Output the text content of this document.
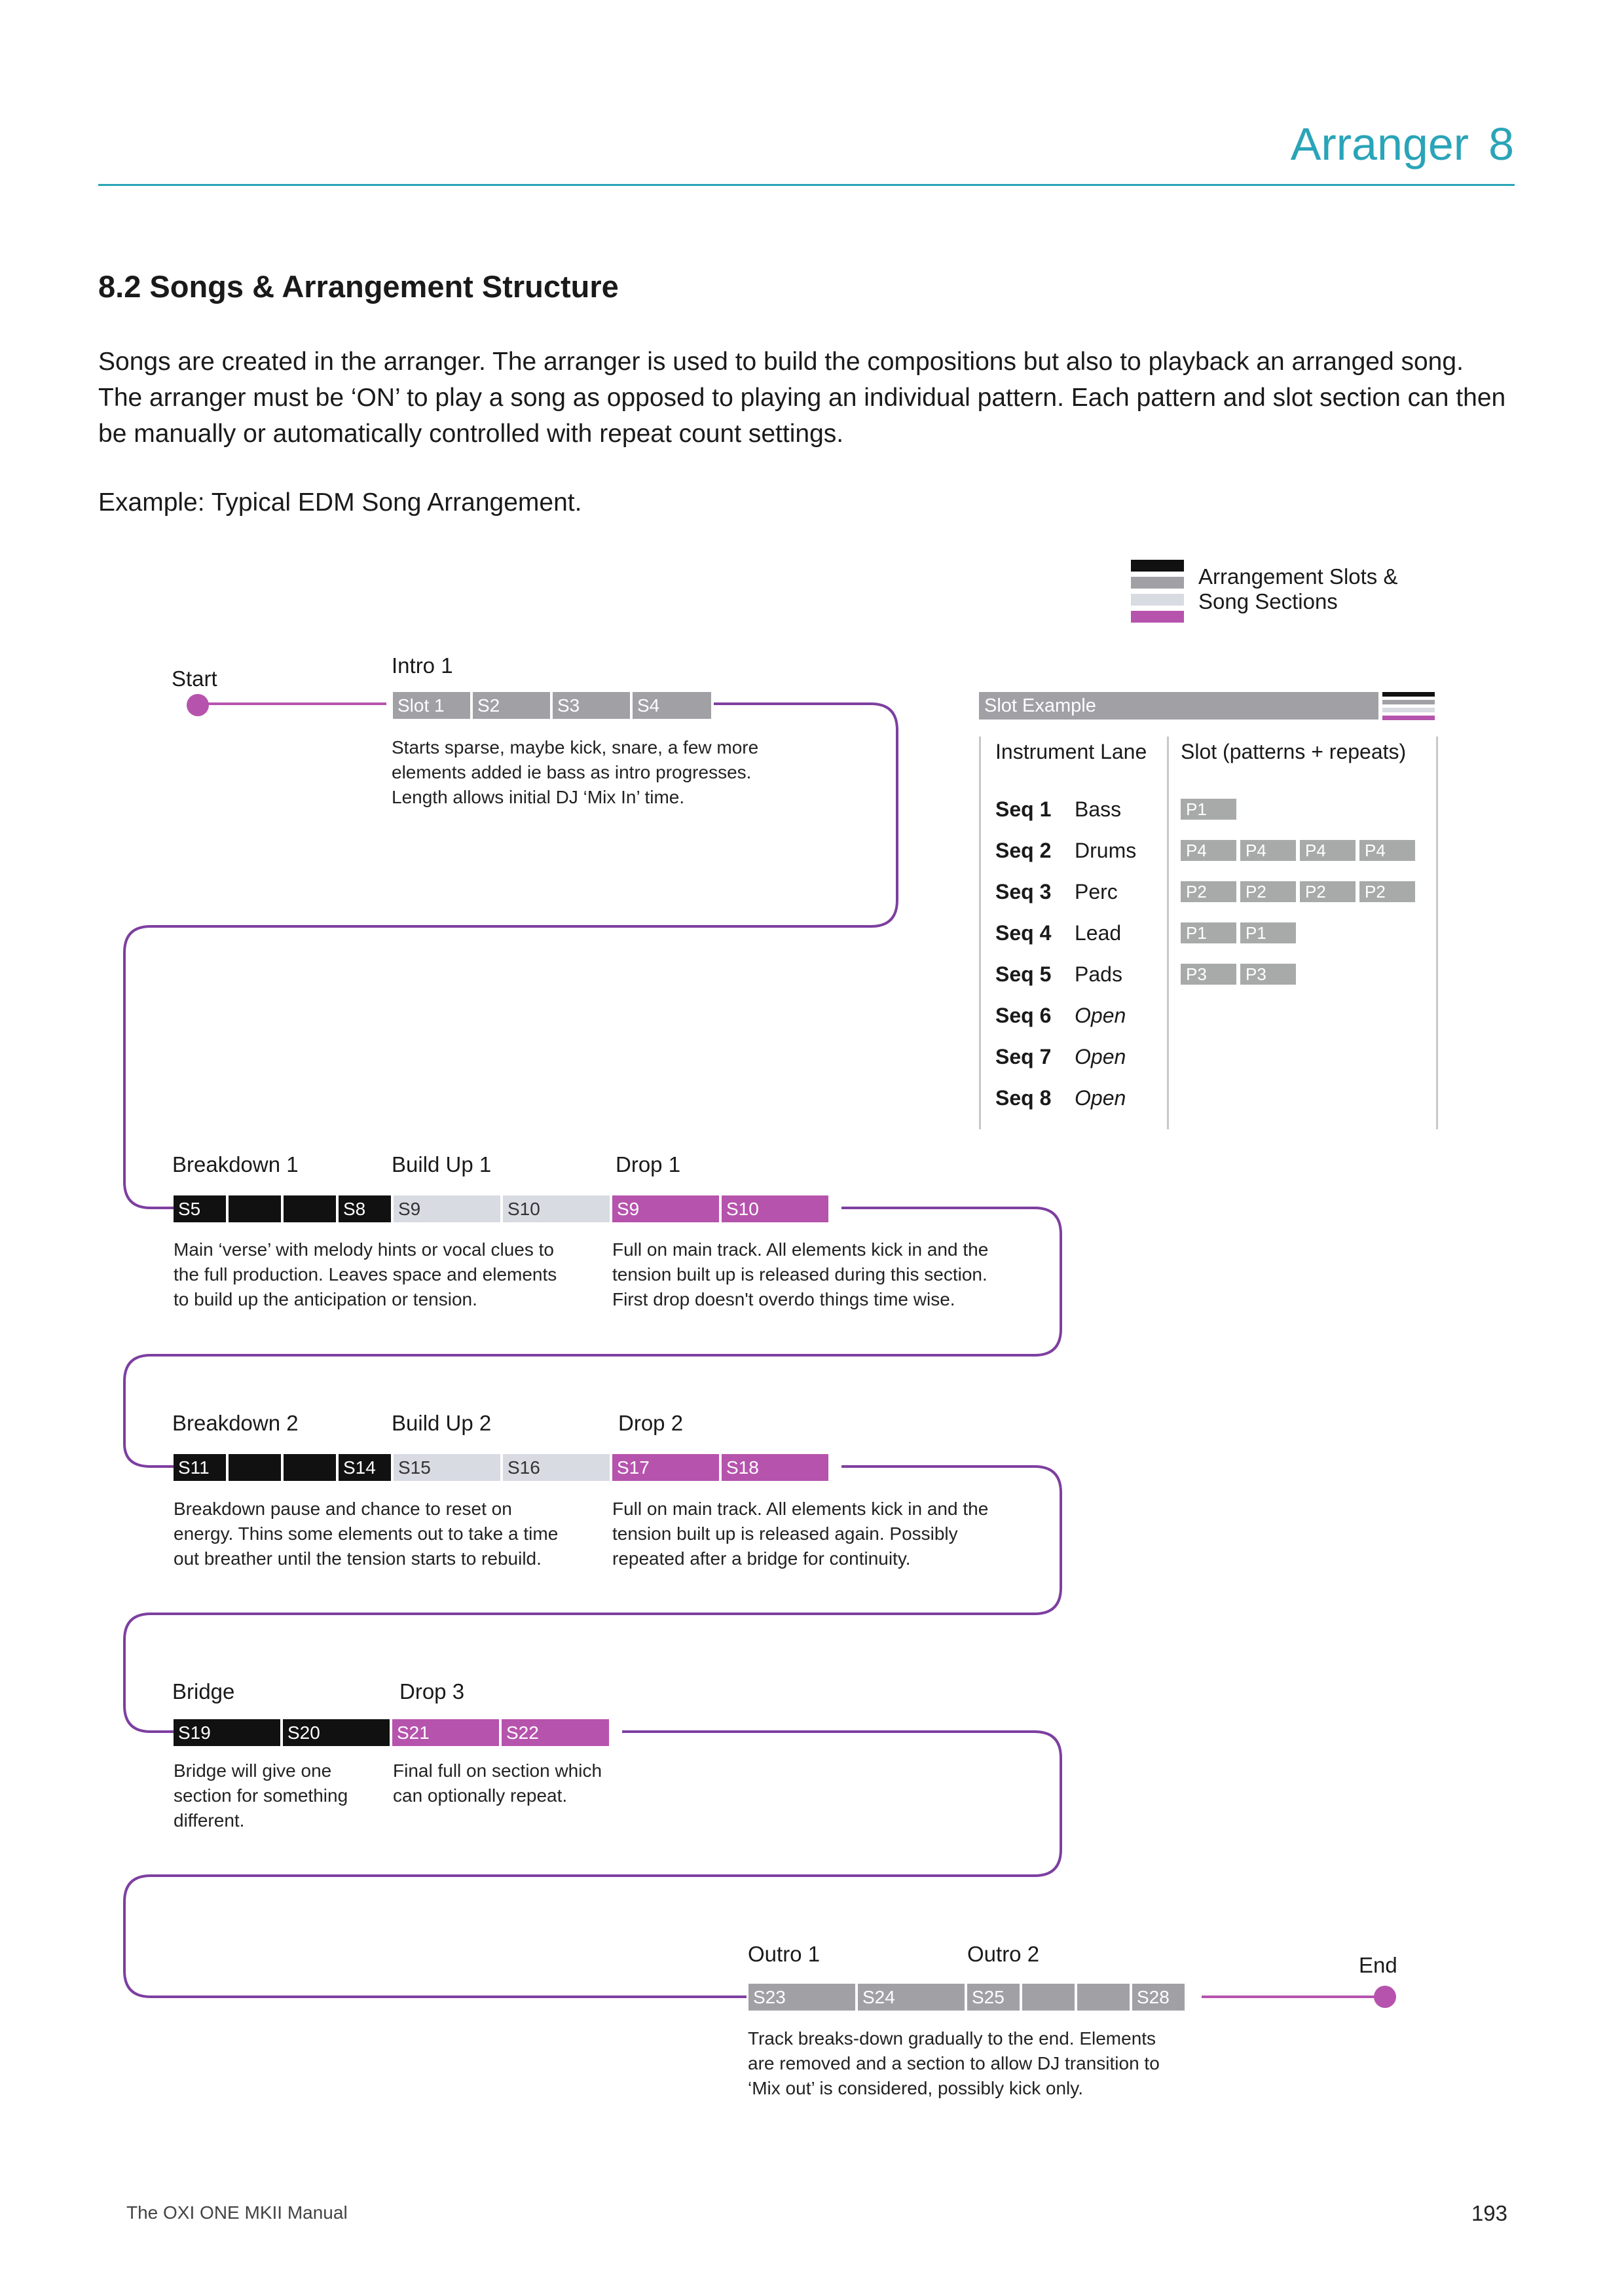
Arranger 8
8.2 Songs & Arrangement Structure
Songs are created in the arranger. The arranger is used to build the compositions but also to playback an arranged song. The arranger must be ‘ON’ to play a song as opposed to playing an individual pattern. Each pattern and slot section can then be manually or automatically controlled with repeat count settings.
Example: Typical EDM Song Arrangement.
Arrangement Slots &
Song Sections
Start
End
Intro 1
Slot 1	S2	S3	S4
Starts sparse, maybe kick, snare, a few more
elements added ie bass as intro progresses.
Length allows initial DJ ‘Mix In’ time.
Breakdown 1	Build Up 1	Drop 1
S5	S8	S9	S10	S9	S10
Main ‘verse’ with melody hints or vocal clues to
the full production. Leaves space and elements
to build up the anticipation or tension.
Full on main track. All elements kick in and the
tension built up is released during this section.
First drop doesn't overdo things time wise.
Breakdown 2	Build Up 2	Drop 2
S11	S14	S15	S16	S17	S18
Breakdown pause and chance to reset on
energy. Thins some elements out to take a time
out breather until the tension starts to rebuild.
Full on main track. All elements kick in and the
tension built up is released again. Possibly
repeated after a bridge for continuity.
Bridge	Drop 3
S19	S20	S21	S22
Bridge will give one
section for something
different.
Final full on section which
can optionally repeat.
Outro 1	Outro 2
S23	S24	S25	S28
Track breaks-down gradually to the end. Elements
are removed and a section to allow DJ transition to
‘Mix out’ is considered, possibly kick only.
Slot Example
Instrument Lane Slot (patterns + repeats)
Seq 1 Bass	P1
Seq 2 Drums	P4	P4	P4	P4
Seq 3 Perc	P2	P2	P2	P2
Seq 4 Lead	P1	P1
Seq 5 Pads	P3	P3
Seq 6 Open
Seq 7 Open
Seq 8 Open
The OXI ONE MKII Manual	193
